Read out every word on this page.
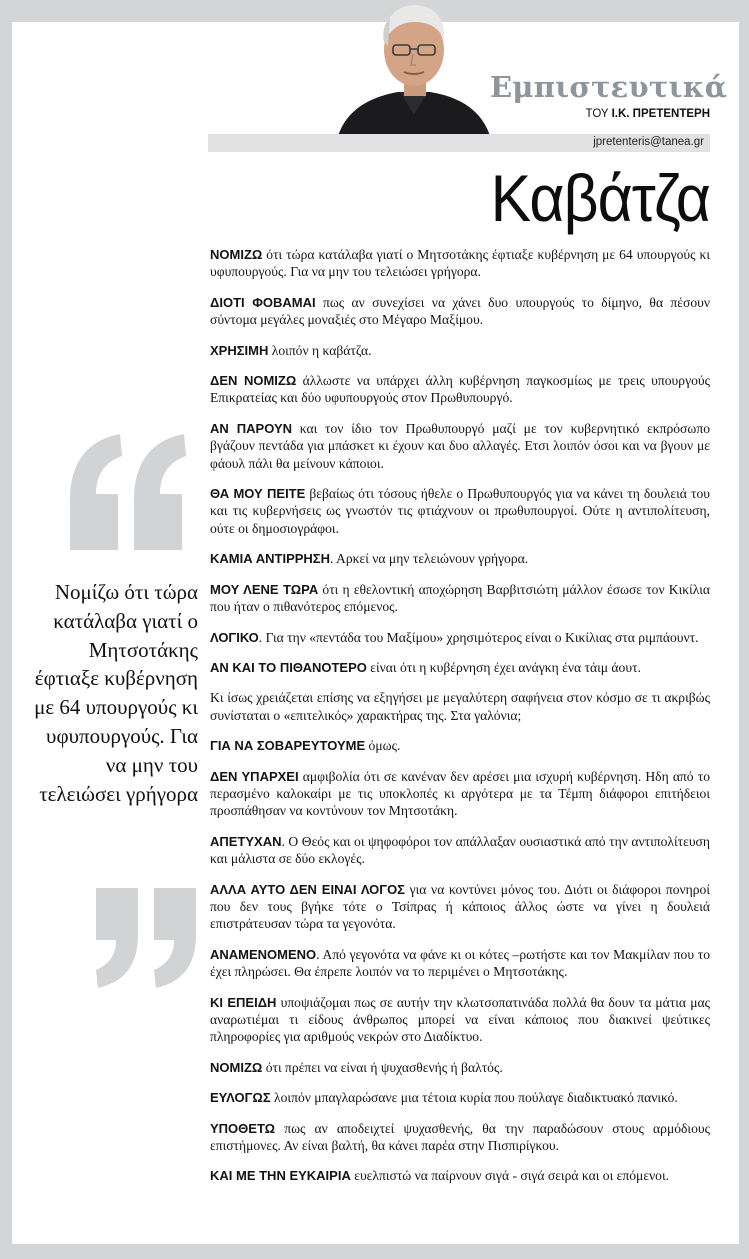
Εμπιστευτικά
ΤΟΥ Ι.Κ. ΠΡΕΤΕΝΤΕΡΗ
jpretenteris@tanea.gr
Καβάτζα
Νομίζω ότι τώρα κατάλαβα γιατί ο Μητσοτάκης έφτιαξε κυβέρνηση με 64 υπουργούς κι υφυπουργούς. Για να μην του τελειώσει γρήγορα

ΝΟΜΙΖΩ ότι τώρα κατάλαβα γιατί ο Μητσοτάκης έφτιαξε κυβέρνηση με 64 υπουργούς κι υφυπουργούς. Για να μην του τελειώσει γρήγορα.

ΔΙΟΤΙ ΦΟΒΑΜΑΙ πως αν συνεχίσει να χάνει δυο υπουργούς το δίμηνο, θα πέσουν σύντομα μεγάλες μοναξιές στο Μέγαρο Μαξίμου.

ΧΡΗΣΙΜΗ λοιπόν η καβάτζα.

ΔΕΝ ΝΟΜΙΖΩ άλλωστε να υπάρχει άλλη κυβέρνηση παγκοσμίως με τρεις υπουργούς Επικρατείας και δύο υφυπουργούς στον Πρωθυπουργό.

ΑΝ ΠΑΡΟΥΝ και τον ίδιο τον Πρωθυπουργό μαζί με τον κυβερνητικό εκπρόσωπο βγάζουν πεντάδα για μπάσκετ κι έχουν και δυο αλλαγές. Ετσι λοιπόν όσοι και να βγουν με φάουλ πάλι θα μείνουν κάποιοι.

ΘΑ ΜΟΥ ΠΕΙΤΕ βεβαίως ότι τόσους ήθελε ο Πρωθυπουργός για να κάνει τη δουλειά του και τις κυβερνήσεις ως γνωστόν τις φτιάχνουν οι πρωθυπουργοί. Ούτε η αντιπολίτευση, ούτε οι δημοσιογράφοι.

ΚΑΜΙΑ ΑΝΤΙΡΡΗΣΗ. Αρκεί να μην τελειώνουν γρήγορα.

ΜΟΥ ΛΕΝΕ ΤΩΡΑ ότι η εθελοντική αποχώρηση Βαρβιτσιώτη μάλλον έσωσε τον Κικίλια που ήταν ο πιθανότερος επόμενος.

ΛΟΓΙΚΟ. Για την «πεντάδα του Μαξίμου» χρησιμότερος είναι ο Κικίλιας στα ριμπάουντ.

ΑΝ ΚΑΙ ΤΟ ΠΙΘΑΝΟΤΕΡΟ είναι ότι η κυβέρνηση έχει ανάγκη ένα τάιμ άουτ.

Κι ίσως χρειάζεται επίσης να εξηγήσει με μεγαλύτερη σαφήνεια στον κόσμο σε τι ακριβώς συνίσταται ο «επιτελικός» χαρακτήρας της. Στα γαλόνια;

ΓΙΑ ΝΑ ΣΟΒΑΡΕΥΤΟΥΜΕ όμως.

ΔΕΝ ΥΠΑΡΧΕΙ αμφιβολία ότι σε κανέναν δεν αρέσει μια ισχυρή κυβέρνηση. Ηδη από το περασμένο καλοκαίρι με τις υποκλοπές κι αργότερα με τα Τέμπη διάφοροι επιτήδειοι προσπάθησαν να κοντύνουν τον Μητσοτάκη.

ΑΠΕΤΥΧΑΝ. Ο Θεός και οι ψηφοφόροι τον απάλλαξαν ουσιαστικά από την αντιπολίτευση και μάλιστα σε δύο εκλογές.

ΑΛΛΑ ΑΥΤΟ ΔΕΝ ΕΙΝΑΙ ΛΟΓΟΣ για να κοντύνει μόνος του. Διότι οι διάφοροι πονηροί που δεν τους βγήκε τότε ο Τσίπρας ή κάποιος άλλος ώστε να γίνει η δουλειά επιστράτευσαν τώρα τα γεγονότα.

ΑΝΑΜΕΝΟΜΕΝΟ. Από γεγονότα να φάνε κι οι κότες –ρωτήστε και τον Μακμίλαν που το έχει πληρώσει. Θα έπρεπε λοιπόν να το περιμένει ο Μητσοτάκης.

ΚΙ ΕΠΕΙΔΗ υποψιάζομαι πως σε αυτήν την κλωτσοπατινάδα πολλά θα δουν τα μάτια μας αναρωτιέμαι τι είδους άνθρωπος μπορεί να είναι κάποιος που διακινεί ψεύτικες πληροφορίες για αριθμούς νεκρών στο Διαδίκτυο.

ΝΟΜΙΖΩ ότι πρέπει να είναι ή ψυχασθενής ή βαλτός.

ΕΥΛΟΓΩΣ λοιπόν μπαγλαρώσανε μια τέτοια κυρία που πούλαγε διαδικτυακό πανικό.

ΥΠΟΘΕΤΩ πως αν αποδειχτεί ψυχασθενής, θα την παραδώσουν στους αρμόδιους επιστήμονες. Αν είναι βαλτή, θα κάνει παρέα στην Πισπιρίγκου.

ΚΑΙ ΜΕ ΤΗΝ ΕΥΚΑΙΡΙΑ ευελπιστώ να παίρνουν σιγά - σιγά σειρά και οι επόμενοι.
